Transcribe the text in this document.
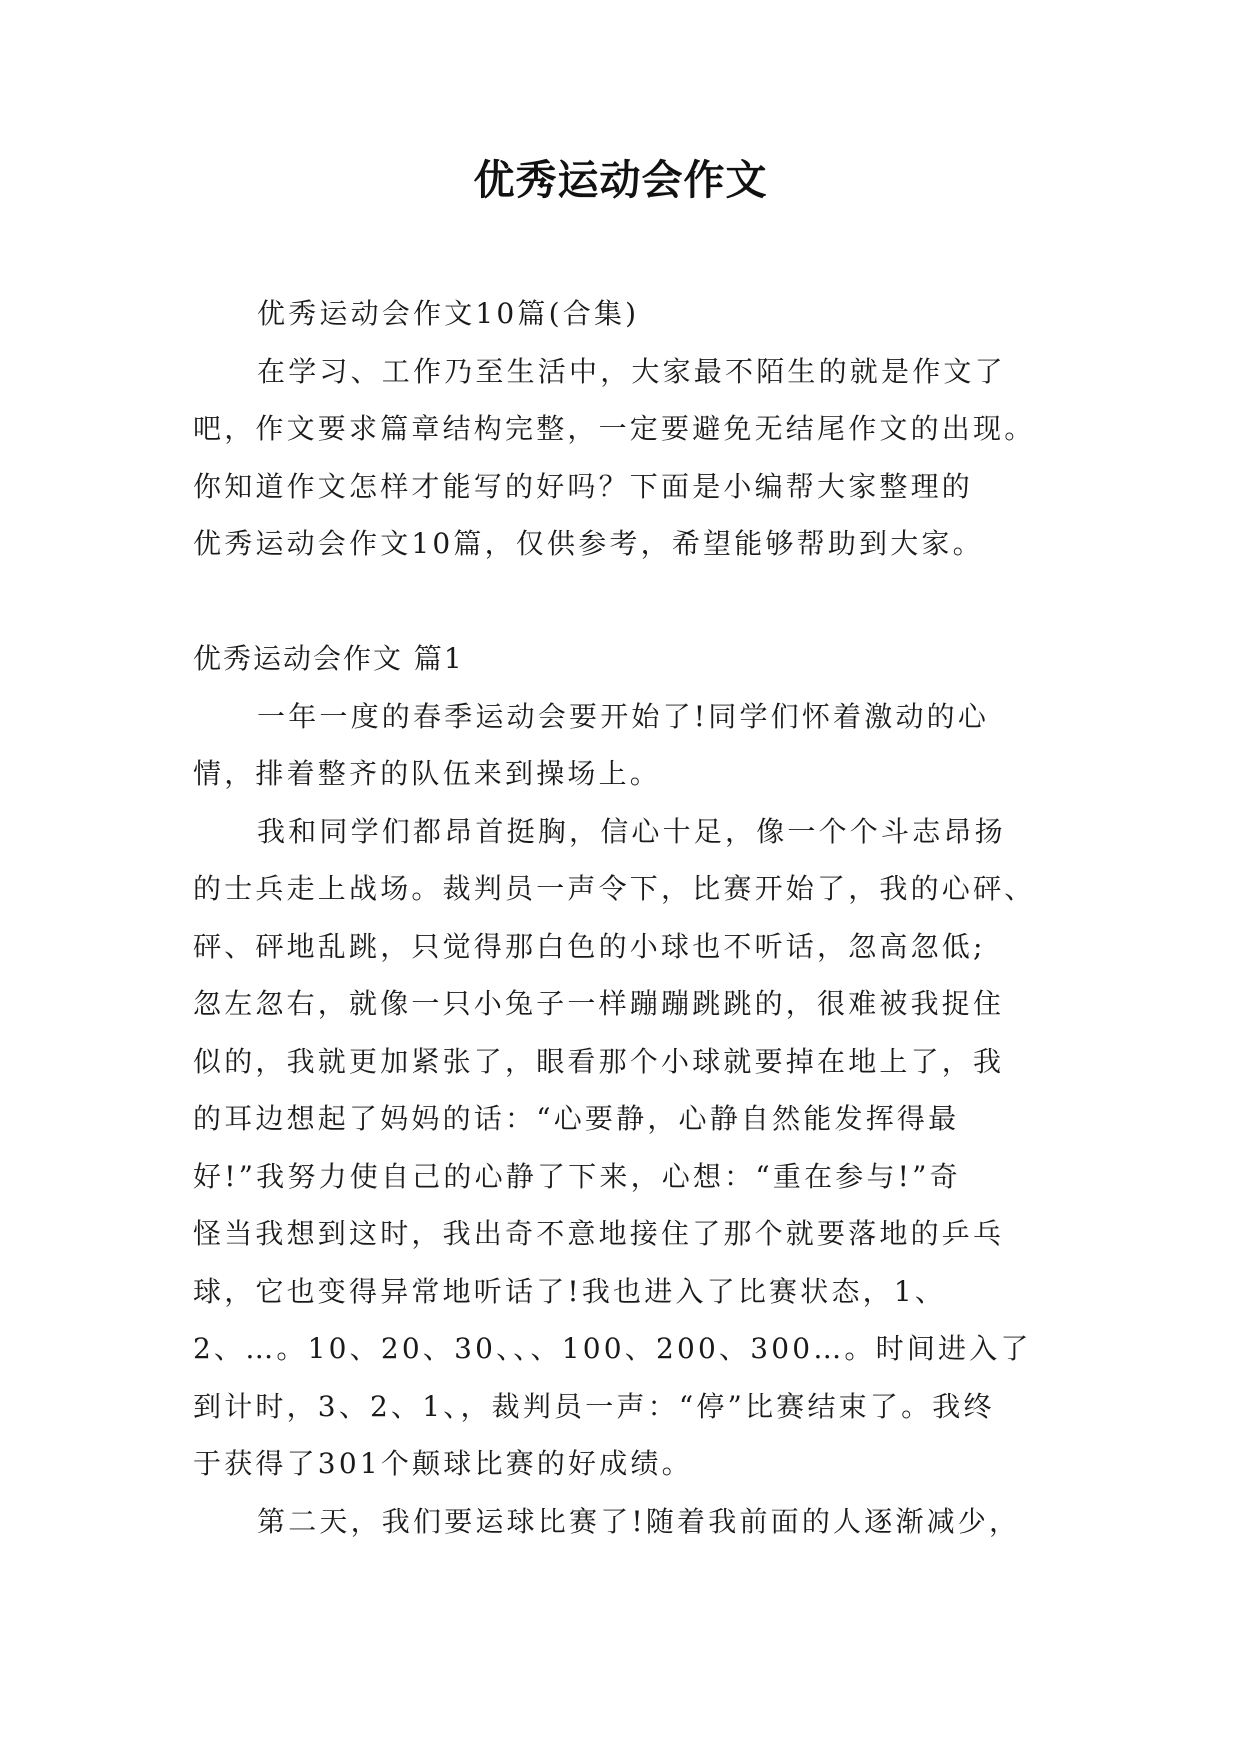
优秀运动会作文
优秀运动会作文10篇(合集)
在学习、工作乃至生活中，大家最不陌生的就是作文了
吧，作文要求篇章结构完整，一定要避免无结尾作文的出现。
你知道作文怎样才能写的好吗？下面是小编帮大家整理的
优秀运动会作文10篇，仅供参考，希望能够帮助到大家。
优秀运动会作文 篇1
一年一度的春季运动会要开始了!同学们怀着激动的心
情，排着整齐的队伍来到操场上。
我和同学们都昂首挺胸，信心十足，像一个个斗志昂扬
的士兵走上战场。裁判员一声令下，比赛开始了，我的心砰、
砰、砰地乱跳，只觉得那白色的小球也不听话，忽高忽低;
忽左忽右，就像一只小兔子一样蹦蹦跳跳的，很难被我捉住
似的，我就更加紧张了，眼看那个小球就要掉在地上了，我
的耳边想起了妈妈的话：“心要静，心静自然能发挥得最
好!”我努力使自己的心静了下来，心想：“重在参与!”奇
怪当我想到这时，我出奇不意地接住了那个就要落地的乒乓
球，它也变得异常地听话了!我也进入了比赛状态，1、
2、…。10、20、30、、、100、200、300…。时间进入了
到计时，3、2、1、，裁判员一声：“停”比赛结束了。我终
于获得了301个颠球比赛的好成绩。
第二天，我们要运球比赛了!随着我前面的人逐渐减少，
